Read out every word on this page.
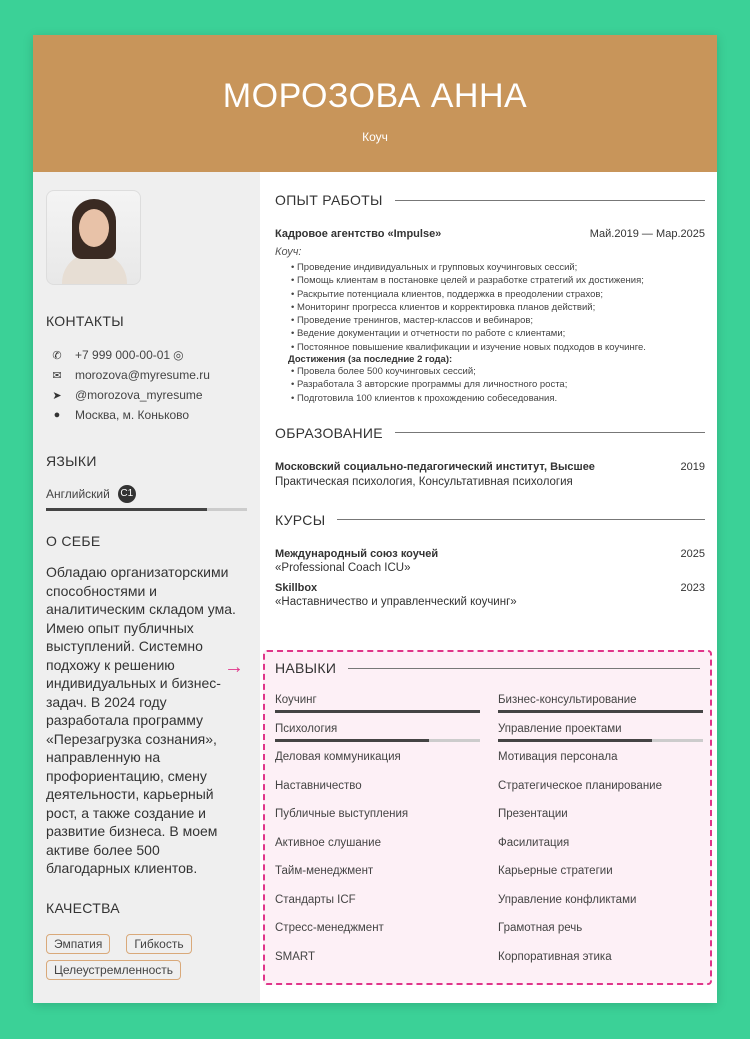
МОРОЗОВА АННА
Коуч
КОНТАКТЫ
✆ +7 999 000-00-01 ◎
✉ morozova@myresume.ru
➤ @morozova_myresume
● Москва, м. Коньково
ЯЗЫКИ
Английский C1
О СЕБЕ
Обладаю организаторскими способностями и аналитическим складом ума. Имею опыт публичных выступлений. Системно подхожу к решению индивидуальных и бизнес-задач. В 2024 году разработала программу «Перезагрузка сознания», направленную на профориентацию, смену деятельности, карьерный рост, а также создание и развитие бизнеса. В моем активе более 500 благодарных клиентов.
КАЧЕСТВА
Эмпатия	Гибкость
Целеустремленность
ОПЫТ РАБОТЫ
Кадровое агентство «Impulse»	Май.2019 — Мар.2025
Коуч:
• Проведение индивидуальных и групповых коучинговых сессий;
• Помощь клиентам в постановке целей и разработке стратегий их достижения;
• Раскрытие потенциала клиентов, поддержка в преодолении страхов;
• Мониторинг прогресса клиентов и корректировка планов действий;
• Проведение тренингов, мастер-классов и вебинаров;
• Ведение документации и отчетности по работе с клиентами;
• Постоянное повышение квалификации и изучение новых подходов в коучинге.
Достижения (за последние 2 года):
• Провела более 500 коучинговых сессий;
• Разработала 3 авторские программы для личностного роста;
• Подготовила 100 клиентов к прохождению собеседования.
ОБРАЗОВАНИЕ
Московский социально-педагогический институт, Высшее	2019
Практическая психология, Консультативная психология
КУРСЫ
Международный союз коучей	2025
«Professional Coach ICU»
Skillbox	2023
«Наставничество и управленческий коучинг»
НАВЫКИ
Коучинг	Бизнес-консультирование
Психология	Управление проектами
Деловая коммуникация	Мотивация персонала
Наставничество	Стратегическое планирование
Публичные выступления	Презентации
Активное слушание	Фасилитация
Тайм-менеджмент	Карьерные стратегии
Стандарты ICF	Управление конфликтами
Стресс-менеджмент	Грамотная речь
SMART	Корпоративная этика
→
